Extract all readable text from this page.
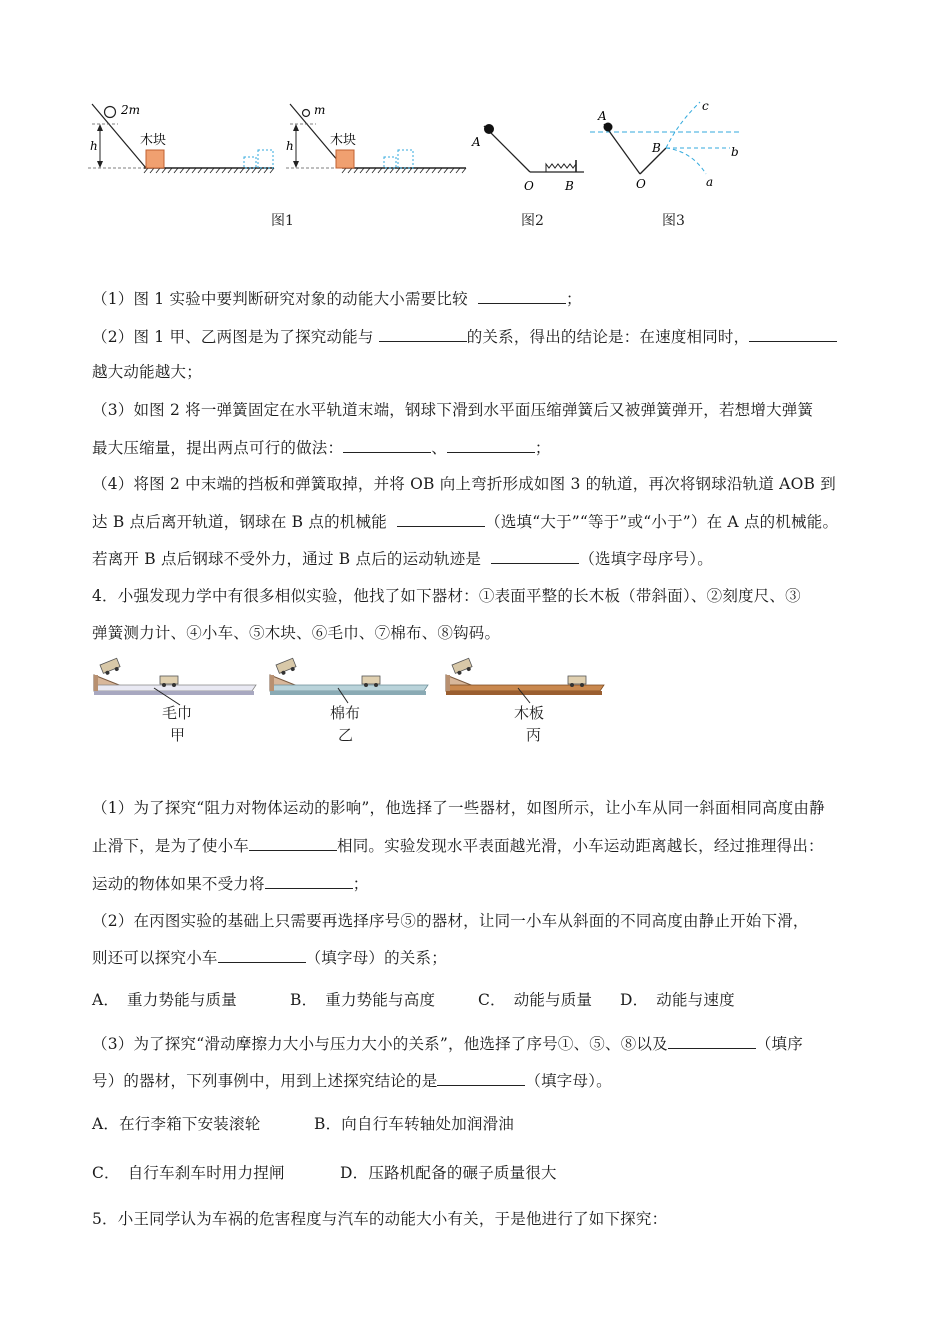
2m
h	木块
m
h	木块
图1
A
O	B
图2
A
B
O
c
b
a
图3
（1）图 1 实验中要判断研究对象的动能大小需要比较	；
（2）图 1 甲、乙两图是为了探究动能与	的关系，得出的结论是：在速度相同时，
越大动能越大；
（3）如图 2 将一弹簧固定在水平轨道末端，钢球下滑到水平面压缩弹簧后又被弹簧弹开，若想增大弹簧
最大压缩量，提出两点可行的做法：	、	；
（4）将图 2 中末端的挡板和弹簧取掉，并将 OB 向上弯折形成如图 3 的轨道，再次将钢球沿轨道 AOB 到
达 B 点后离开轨道，钢球在 B 点的机械能	（选填“大于”“等于”或“小于”）在 A 点的机械能。
若离开 B 点后钢球不受外力，通过 B 点后的运动轨迹是	（选填字母序号）。
4．小强发现力学中有很多相似实验，他找了如下器材：①表面平整的长木板（带斜面）、②刻度尺、③
弹簧测力计、④小车、⑤木块、⑥毛巾、⑦棉布、⑧钩码。
毛巾
甲
棉布
乙
木板
丙
（1）为了探究“阻力对物体运动的影响”，他选择了一些器材，如图所示，让小车从同一斜面相同高度由静
止滑下，是为了使小车	相同。实验发现水平表面越光滑，小车运动距离越长，经过推理得出：
运动的物体如果不受力将	；
（2）在丙图实验的基础上只需要再选择序号⑤的器材，让同一小车从斜面的不同高度由静止开始下滑，
则还可以探究小车	（填字母）的关系；
A．　重力势能与质量	B．　重力势能与高度	C．　动能与质量 D．　动能与速度
（3）为了探究“滑动摩擦力大小与压力大小的关系”，他选择了序号①、⑤、⑧以及	（填序
号）的器材，下列事例中，用到上述探究结论的是	（填字母）。
A．在行李箱下安装滚轮	B．向自行车转轴处加润滑油
C．　自行车刹车时用力捏闸	D．压路机配备的碾子质量很大
5．小王同学认为车祸的危害程度与汽车的动能大小有关，于是他进行了如下探究：
